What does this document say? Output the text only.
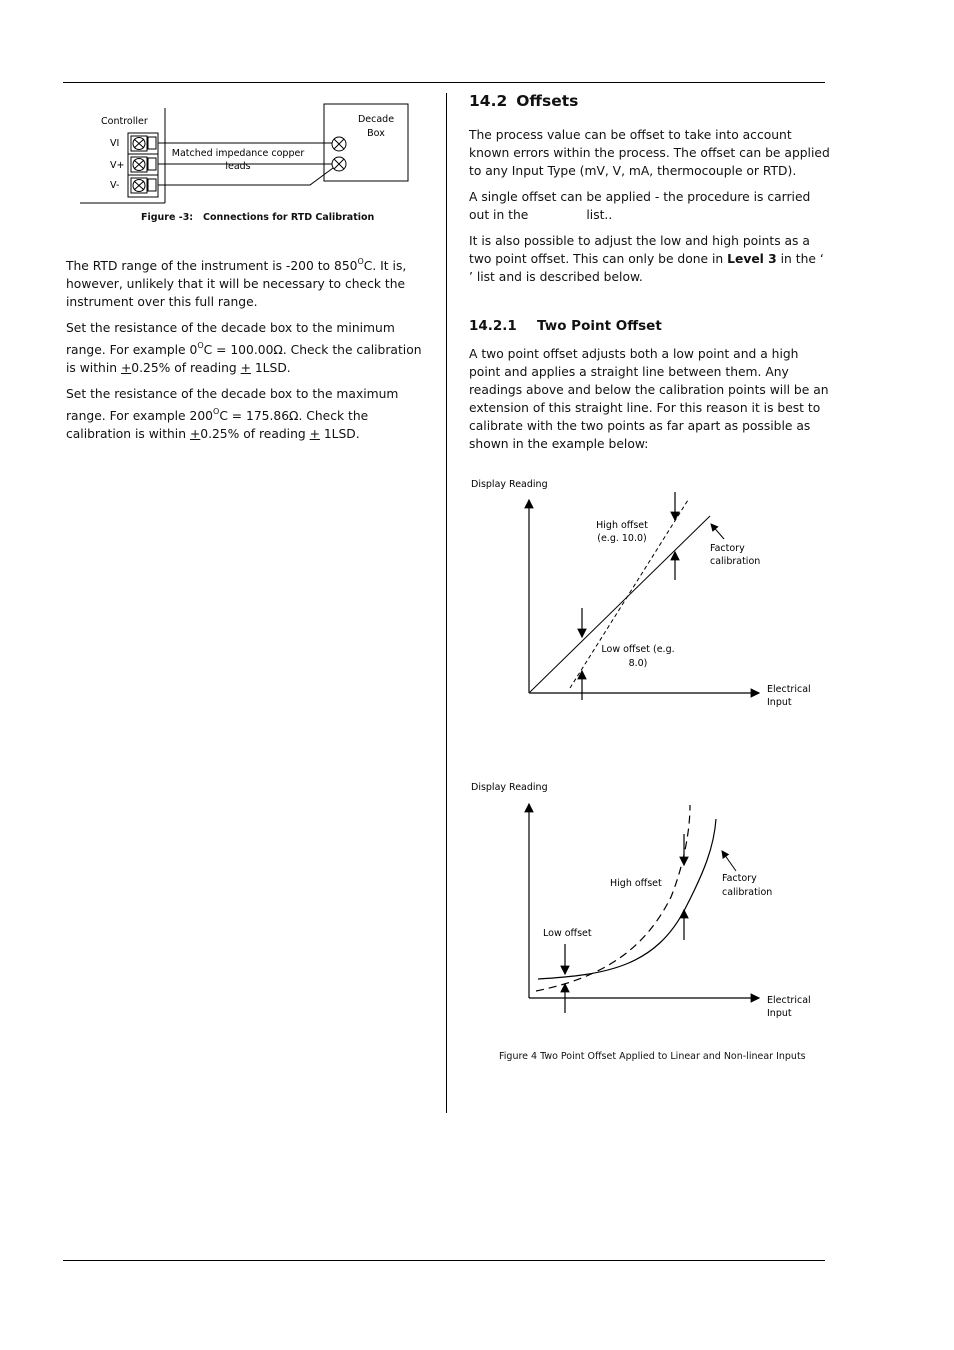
Controller
VI
V+
V-
Matched impedance copper
leads
Decade
Box
Figure -3: Connections for RTD Calibration

The RTD range of the instrument is -200 to $850^OC$. It is, however, unlikely that it will be necessary to check the instrument over this full range.

Set the resistance of the decade box to the minimum range. For example $0^OC = 100.00\Omega$. Check the calibration is within +0.25% of reading + 1LSD.

Set the resistance of the decade box to the maximum range. For example $200^OC = 175.86\Omega$. Check the calibration is within +0.25% of reading + 1LSD.

14.2 Offsets

The process value can be offset to take into account known errors within the process. The offset can be applied to any Input Type (mV, V, mA, thermocouple or RTD).

A single offset can be applied - the procedure is carried out in the	list..

It is also possible to adjust the low and high points as a two point offset. This can only be done in Level 3 in the ‘ ’ list and is described below.

14.2.1 Two Point Offset

A two point offset adjusts both a low point and a high point and applies a straight line between them. Any readings above and below the calibration points will be an extension of this straight line. For this reason it is best to calibrate with the two points as far apart as possible as shown in the example below:

Display Reading
Electrical
Input
High offset
(e.g. 10.0)
Low offset (e.g.
8.0)
Factory
calibration
Display Reading
Electrical
Input
High offset
Low offset
Factory
calibration
Figure 4 Two Point Offset Applied to Linear and Non-linear Inputs
